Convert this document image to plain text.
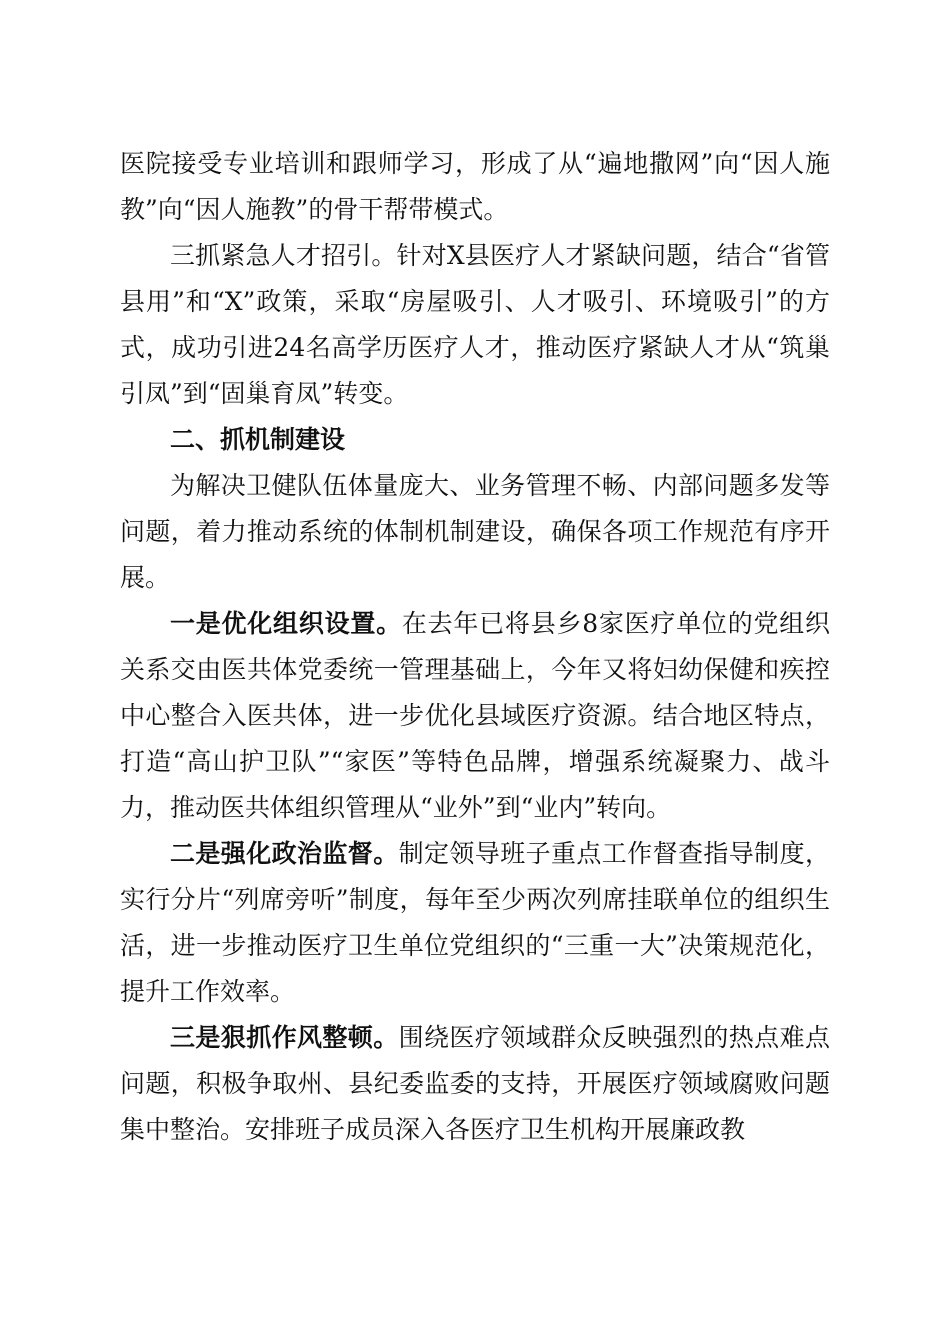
医院接受专业培训和跟师学习，形成了从“遍地撒网”向“因人施教”向“因人施教”的骨干帮带模式。

三抓紧急人才招引。针对X县医疗人才紧缺问题，结合“省管县用”和“X”政策，采取“房屋吸引、人才吸引、环境吸引”的方式，成功引进24名高学历医疗人才，推动医疗紧缺人才从“筑巢引凤”到“固巢育凤”转变。

二、抓机制建设

为解决卫健队伍体量庞大、业务管理不畅、内部问题多发等问题，着力推动系统的体制机制建设，确保各项工作规范有序开展。

一是优化组织设置。在去年已将县乡8家医疗单位的党组织关系交由医共体党委统一管理基础上，今年又将妇幼保健和疾控中心整合入医共体，进一步优化县域医疗资源。结合地区特点，打造“高山护卫队”“家医”等特色品牌，增强系统凝聚力、战斗力，推动医共体组织管理从“业外”到“业内”转向。

二是强化政治监督。制定领导班子重点工作督查指导制度，实行分片“列席旁听”制度，每年至少两次列席挂联单位的组织生活，进一步推动医疗卫生单位党组织的“三重一大”决策规范化，提升工作效率。

三是狠抓作风整顿。围绕医疗领域群众反映强烈的热点难点问题，积极争取州、县纪委监委的支持，开展医疗领域腐败问题集中整治。安排班子成员深入各医疗卫生机构开展廉政教
